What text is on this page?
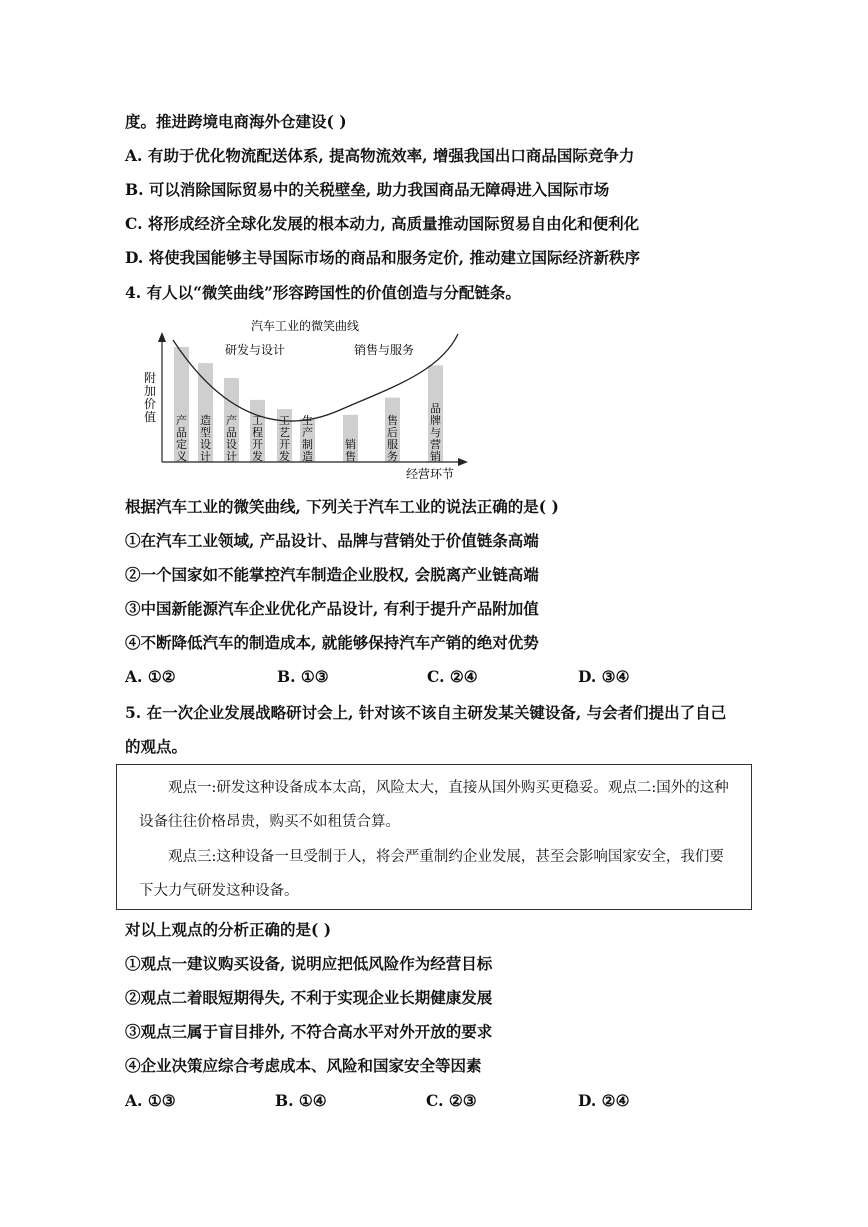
度。推进跨境电商海外仓建设( )
A. 有助于优化物流配送体系, 提高物流效率, 增强我国出口商品国际竞争力
B. 可以消除国际贸易中的关税壁垒, 助力我国商品无障碍进入国际市场
C. 将形成经济全球化发展的根本动力, 高质量推动国际贸易自由化和便利化
D. 将使我国能够主导国际市场的商品和服务定价, 推动建立国际经济新秩序
4. 有人以“微笑曲线”形容跨国性的价值创造与分配链条。
汽车工业的微笑曲线
研发与设计	销售与服务
产品定义
造型设计
产品设计
工程开发
工艺开发
生产制造
销售
售后服务
品牌与营销
附加价值
经营环节
根据汽车工业的微笑曲线, 下列关于汽车工业的说法正确的是( )
①在汽车工业领域, 产品设计、品牌与营销处于价值链条高端
②一个国家如不能掌控汽车制造企业股权, 会脱离产业链高端
③中国新能源汽车企业优化产品设计, 有利于提升产品附加值
④不断降低汽车的制造成本, 就能够保持汽车产销的绝对优势
A. ①②	B. ①③	C. ②④	D. ③④
5. 在一次企业发展战略研讨会上, 针对该不该自主研发某关键设备, 与会者们提出了自己
的观点。
观点一:研发这种设备成本太高，风险太大，直接从国外购买更稳妥。观点二:国外的这种设备往往价格昂贵，购买不如租赁合算。
观点三:这种设备一旦受制于人，将会严重制约企业发展，甚至会影响国家安全，我们要下大力气研发这种设备。
对以上观点的分析正确的是( )
①观点一建议购买设备, 说明应把低风险作为经营目标
②观点二着眼短期得失, 不利于实现企业长期健康发展
③观点三属于盲目排外, 不符合高水平对外开放的要求
④企业决策应综合考虑成本、风险和国家安全等因素
A. ①③	B. ①④	C. ②③	D. ②④
